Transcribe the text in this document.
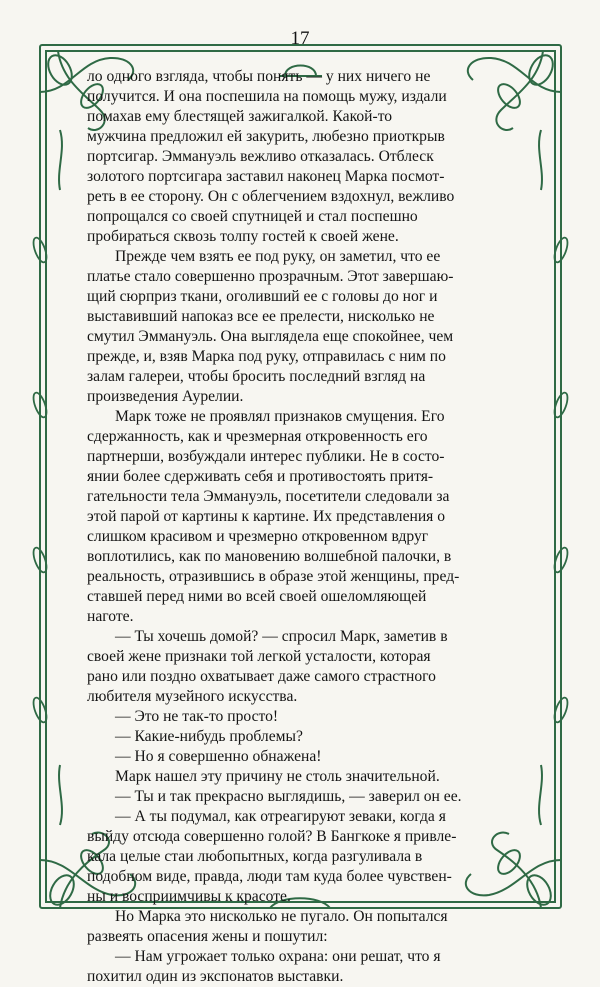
17
ло одного взгляда, чтобы понять — у них ничего не
получится. И она поспешила на помощь мужу, издали
помахав ему блестящей зажигалкой. Какой-то
мужчина предложил ей закурить, любезно приоткрыв
портсигар. Эммануэль вежливо отказалась. Отблеск
золотого портсигара заставил наконец Марка посмот-
реть в ее сторону. Он с облегчением вздохнул, вежливо
попрощался со своей спутницей и стал поспешно
пробираться сквозь толпу гостей к своей жене.
Прежде чем взять ее под руку, он заметил, что ее
платье стало совершенно прозрачным. Этот завершаю-
щий сюрприз ткани, оголивший ее с головы до ног и
выставивший напоказ все ее прелести, нисколько не
смутил Эммануэль. Она выглядела еще спокойнее, чем
прежде, и, взяв Марка под руку, отправилась с ним по
залам галереи, чтобы бросить последний взгляд на
произведения Аурелии.
Марк тоже не проявлял признаков смущения. Его
сдержанность, как и чрезмерная откровенность его
партнерши, возбуждали интерес публики. Не в состо-
янии более сдерживать себя и противостоять притя-
гательности тела Эммануэль, посетители следовали за
этой парой от картины к картине. Их представления о
слишком красивом и чрезмерно откровенном вдруг
воплотились, как по мановению волшебной палочки, в
реальность, отразившись в образе этой женщины, пред-
ставшей перед ними во всей своей ошеломляющей
наготе.
— Ты хочешь домой? — спросил Марк, заметив в
своей жене признаки той легкой усталости, которая
рано или поздно охватывает даже самого страстного
любителя музейного искусства.
— Это не так-то просто!
— Какие-нибудь проблемы?
— Но я совершенно обнажена!
Марк нашел эту причину не столь значительной.
— Ты и так прекрасно выглядишь, — заверил он ее.
— А ты подумал, как отреагируют зеваки, когда я
выйду отсюда совершенно голой? В Бангкоке я привле-
кала целые стаи любопытных, когда разгуливала в
подобном виде, правда, люди там куда более чувствен-
ны и восприимчивы к красоте.
Но Марка это нисколько не пугало. Он попытался
развеять опасения жены и пошутил:
— Нам угрожает только охрана: они решат, что я
похитил один из экспонатов выставки.
